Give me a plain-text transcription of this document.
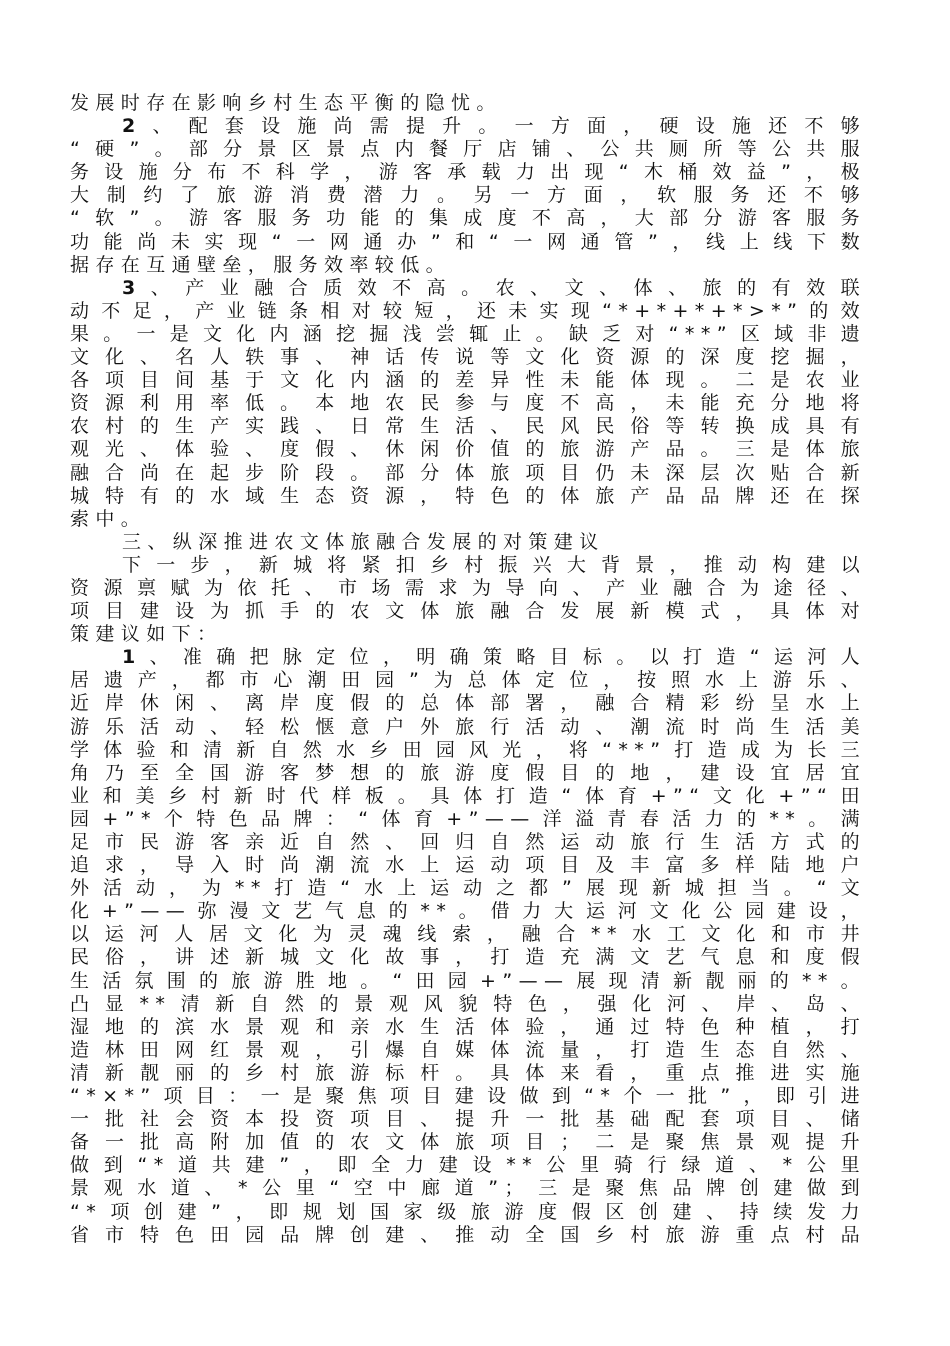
发展时存在影响乡村生态平衡的隐忧。
2、配套设施尚需提升。一方面，硬设施还不够
“硬”。部分景区景点内餐厅店铺、公共厕所等公共服
务设施分布不科学，游客承载力出现“木桶效益”，极
大制约了旅游消费潜力。另一方面，软服务还不够
“软”。游客服务功能的集成度不高，大部分游客服务
功能尚未实现“一网通办”和“一网通管”，线上线下数
据存在互通壁垒，服务效率较低。
3、产业融合质效不高。农、文、体、旅的有效联
动不足，产业链条相对较短，还未实现“*+*+*+*>*”的效
果。一是文化内涵挖掘浅尝辄止。缺乏对“**”区域非遗
文化、名人轶事、神话传说等文化资源的深度挖掘，
各项目间基于文化内涵的差异性未能体现。二是农业
资源利用率低。本地农民参与度不高，未能充分地将
农村的生产实践、日常生活、民风民俗等转换成具有
观光、体验、度假、休闲价值的旅游产品。三是体旅
融合尚在起步阶段。部分体旅项目仍未深层次贴合新
城特有的水域生态资源，特色的体旅产品品牌还在探
索中。
三、纵深推进农文体旅融合发展的对策建议
下一步，新城将紧扣乡村振兴大背景，推动构建以
资源禀赋为依托、市场需求为导向、产业融合为途径、
项目建设为抓手的农文体旅融合发展新模式，具体对
策建议如下：
1、准确把脉定位，明确策略目标。以打造“运河人
居遗产，都市心潮田园”为总体定位，按照水上游乐、
近岸休闲、离岸度假的总体部署，融合精彩纷呈水上
游乐活动、轻松惬意户外旅行活动、潮流时尚生活美
学体验和清新自然水乡田园风光，将“**”打造成为长三
角乃至全国游客梦想的旅游度假目的地，建设宜居宜
业和美乡村新时代样板。具体打造“体育+”“文化+”“田
园+”*个特色品牌：“体育+”——洋溢青春活力的**。满
足市民游客亲近自然、回归自然运动旅行生活方式的
追求，导入时尚潮流水上运动项目及丰富多样陆地户
外活动，为**打造“水上运动之都”展现新城担当。“文
化+”——弥漫文艺气息的**。借力大运河文化公园建设，
以运河人居文化为灵魂线索，融合**水工文化和市井
民俗，讲述新城文化故事，打造充满文艺气息和度假
生活氛围的旅游胜地。“田园+”——展现清新靓丽的**。
凸显**清新自然的景观风貌特色，强化河、岸、岛、
湿地的滨水景观和亲水生活体验，通过特色种植，打
造林田网红景观，引爆自媒体流量，打造生态自然、
清新靓丽的乡村旅游标杆。具体来看，重点推进实施
“*×*”项目：一是聚焦项目建设做到“*个一批”，即引进
一批社会资本投资项目、提升一批基础配套项目、储
备一批高附加值的农文体旅项目；二是聚焦景观提升
做到“*道共建”，即全力建设**公里骑行绿道、*公里
景观水道、*公里“空中廊道”；三是聚焦品牌创建做到
“*项创建”，即规划国家级旅游度假区创建、持续发力
省市特色田园品牌创建、推动全国乡村旅游重点村品
